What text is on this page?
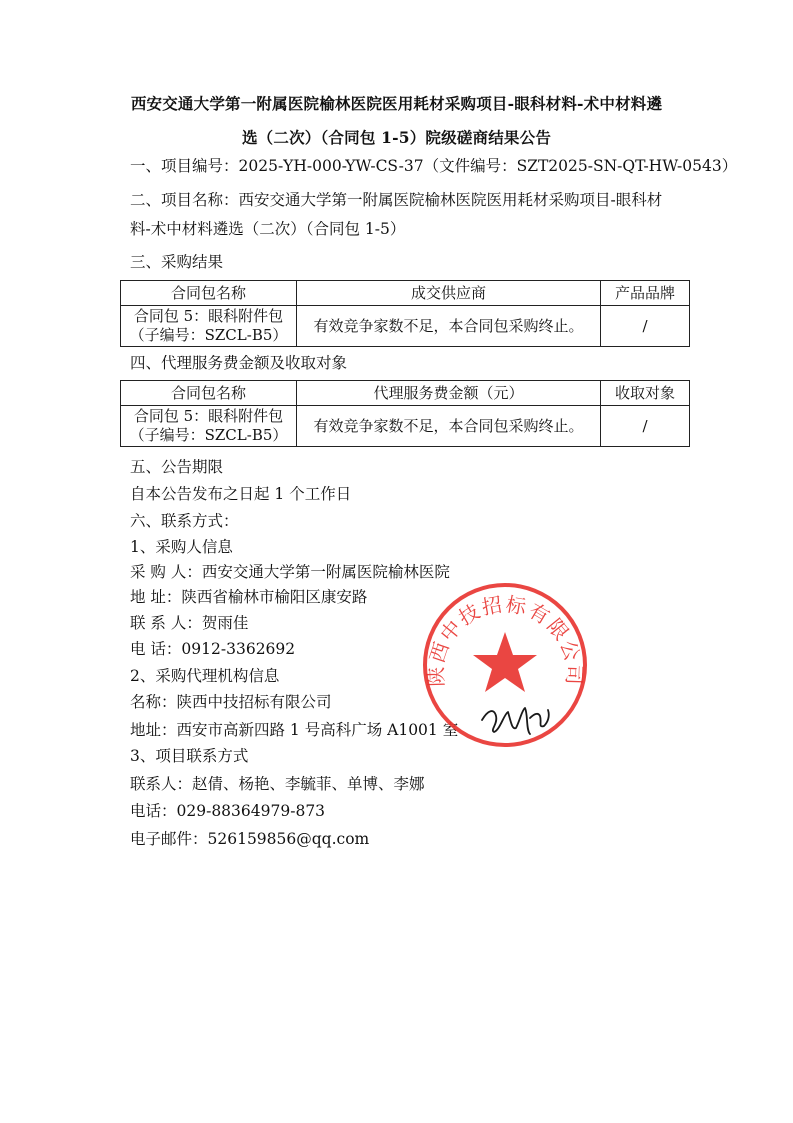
西安交通大学第一附属医院榆林医院医用耗材采购项目-眼科材料-术中材料遴
选（二次）（合同包 1-5）院级磋商结果公告
一、项目编号：2025-YH-000-YW-CS-37（文件编号：SZT2025-SN-QT-HW-0543）
二、项目名称：西安交通大学第一附属医院榆林医院医用耗材采购项目-眼科材
料-术中材料遴选（二次）（合同包 1-5）
三、采购结果
合同包名称	成交供应商	产品品牌

合同包 5：眼科附件包
（子编号：SZCL-B5）	有效竞争家数不足，本合同包采购终止。	/
四、代理服务费金额及收取对象
合同包名称	代理服务费金额（元）	收取对象

合同包 5：眼科附件包
（子编号：SZCL-B5）	有效竞争家数不足，本合同包采购终止。	/
五、公告期限
自本公告发布之日起 1 个工作日
六、联系方式：
1、采购人信息
采 购 人：西安交通大学第一附属医院榆林医院
地 址：陕西省榆林市榆阳区康安路
联 系 人：贺雨佳
电 话：0912-3362692
2、采购代理机构信息
名称：陕西中技招标有限公司
地址：西安市高新四路 1 号高科广场 A1001 室
3、项目联系方式
联系人：赵倩、杨艳、李毓菲、单博、李娜
电话：029-88364979-873
电子邮件：526159856@qq.com
陕西中技招标有限公司
